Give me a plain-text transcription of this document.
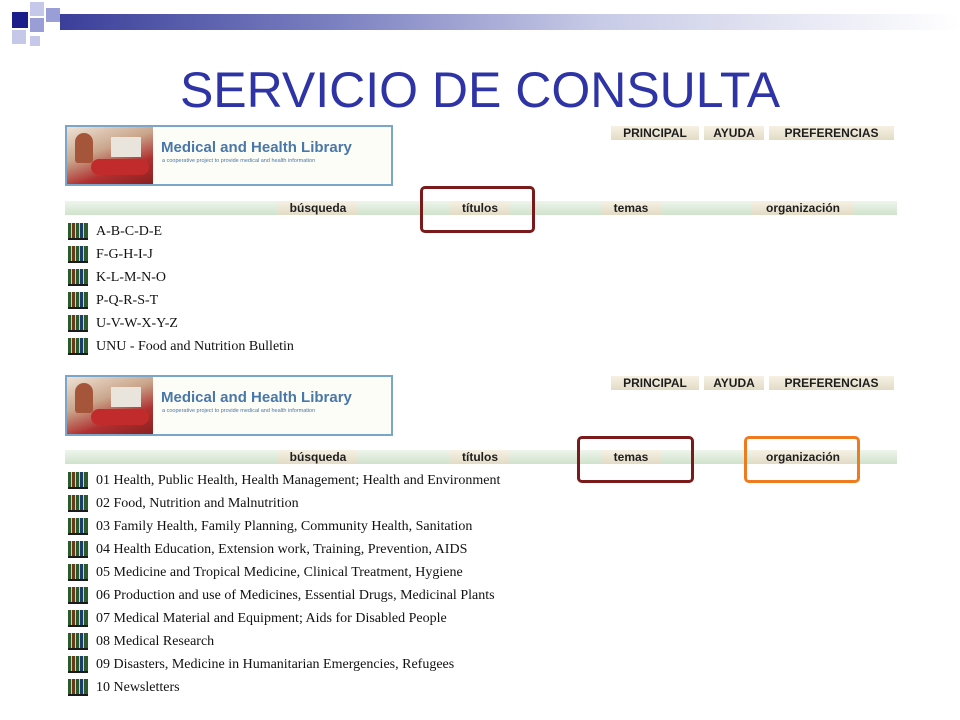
SERVICIO DE CONSULTA
Medical and Health Library
a cooperative project to provide medical and health information
PRINCIPAL	AYUDA	PREFERENCIAS
búsqueda	títulos	temas	organización
A-B-C-D-E
F-G-H-I-J
K-L-M-N-O
P-Q-R-S-T
U-V-W-X-Y-Z
UNU - Food and Nutrition Bulletin
Medical and Health Library
a cooperative project to provide medical and health information
PRINCIPAL	AYUDA	PREFERENCIAS
búsqueda	títulos	temas	organización
01 Health, Public Health, Health Management; Health and Environment
02 Food, Nutrition and Malnutrition
03 Family Health, Family Planning, Community Health, Sanitation
04 Health Education, Extension work, Training, Prevention, AIDS
05 Medicine and Tropical Medicine, Clinical Treatment, Hygiene
06 Production and use of Medicines, Essential Drugs, Medicinal Plants
07 Medical Material and Equipment; Aids for Disabled People
08 Medical Research
09 Disasters, Medicine in Humanitarian Emergencies, Refugees
10 Newsletters
